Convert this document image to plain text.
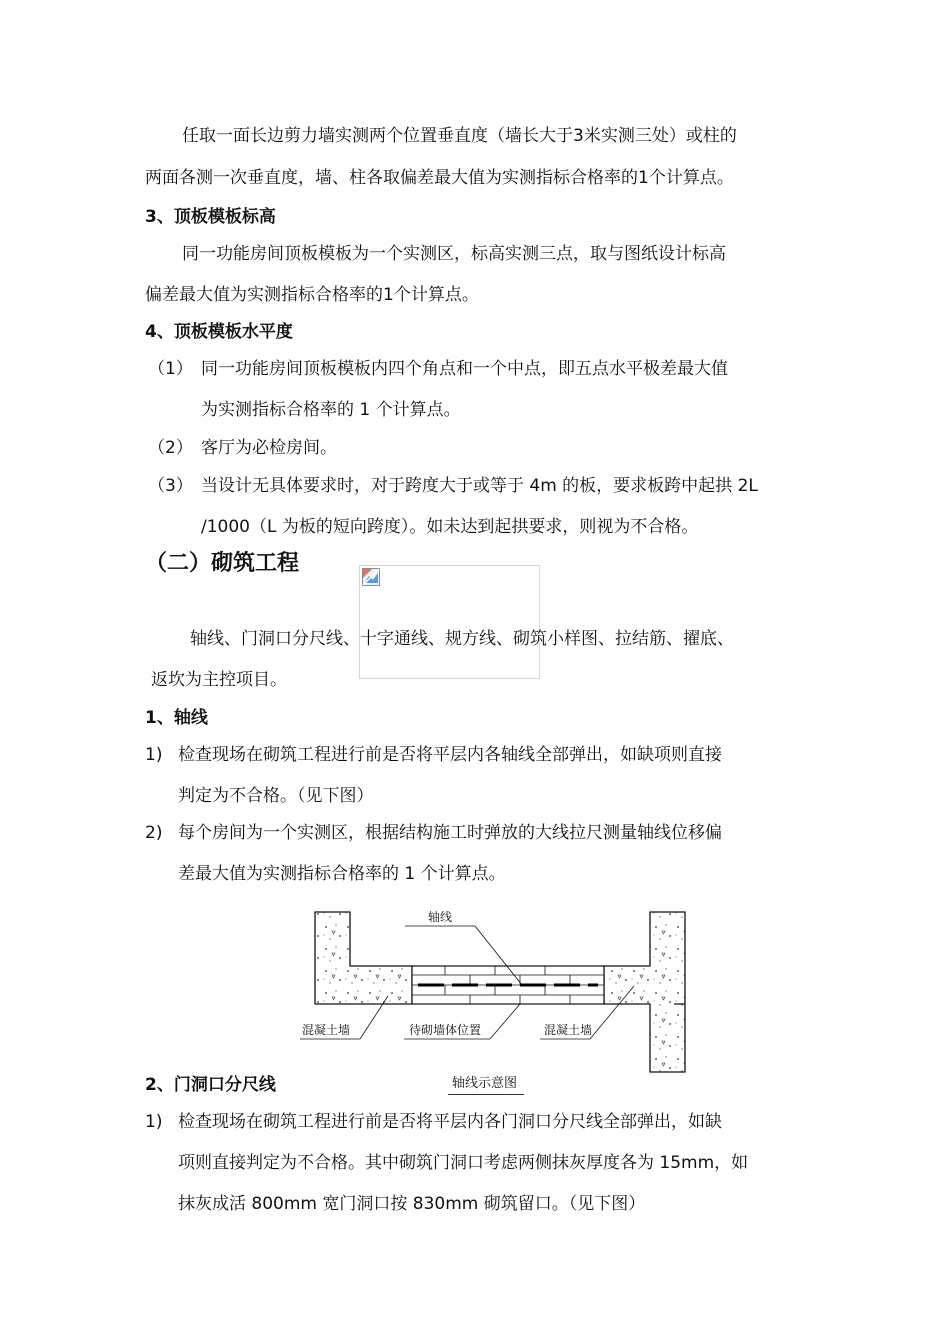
任取一面长边剪力墙实测两个位置垂直度（墙长大于3米实测三处）或柱的
两面各测一次垂直度，墙、柱各取偏差最大值为实测指标合格率的1个计算点。
3、顶板模板标高
同一功能房间顶板模板为一个实测区，标高实测三点，取与图纸设计标高
偏差最大值为实测指标合格率的1个计算点。
4、顶板模板水平度
（1） 同一功能房间顶板模板内四个角点和一个中点，即五点水平极差最大值
为实测指标合格率的 1 个计算点。
（2） 客厅为必检房间。
（3） 当设计无具体要求时，对于跨度大于或等于 4m 的板，要求板跨中起拱 2L
/1000（L 为板的短向跨度）。如未达到起拱要求，则视为不合格。
（二）砌筑工程
轴线、门洞口分尺线、十字通线、规方线、砌筑小样图、拉结筋、擢底、
返坎为主控项目。
1、轴线
1) 检查现场在砌筑工程进行前是否将平层内各轴线全部弹出，如缺项则直接
判定为不合格。（见下图）
2) 每个房间为一个实测区，根据结构施工时弹放的大线拉尺测量轴线位移偏
差最大值为实测指标合格率的 1 个计算点。
轴线
混凝土墙	待砌墙体位置	混凝土墙
轴线示意图
2、门洞口分尺线
1) 检查现场在砌筑工程进行前是否将平层内各门洞口分尺线全部弹出，如缺
项则直接判定为不合格。其中砌筑门洞口考虑两侧抹灰厚度各为 15mm，如
抹灰成活 800mm 宽门洞口按 830mm 砌筑留口。（见下图）
